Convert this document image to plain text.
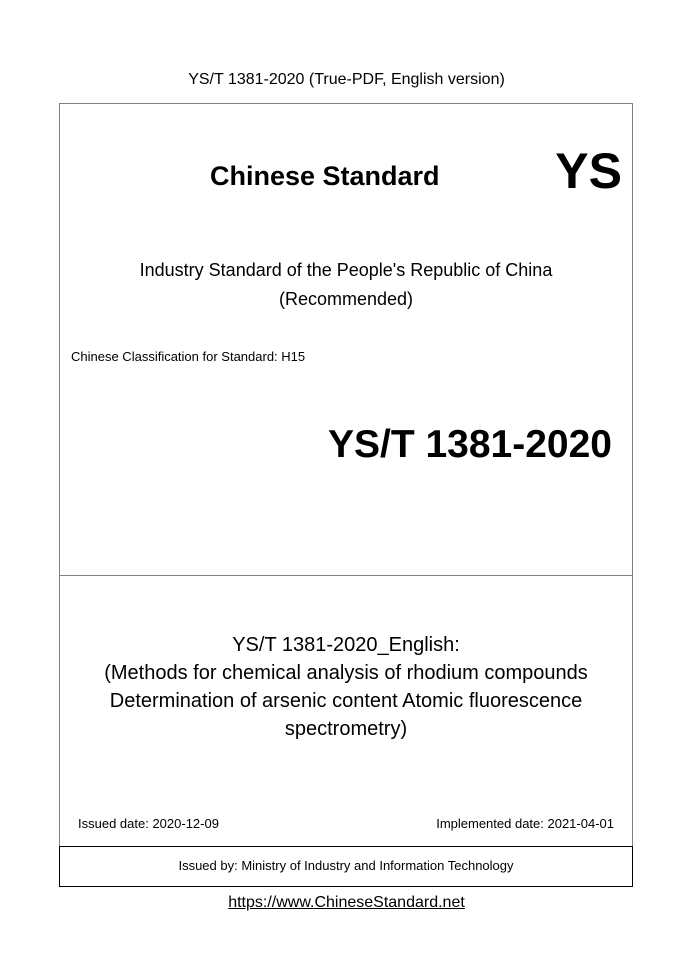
YS/T 1381-2020 (True-PDF, English version)
Chinese Standard YS
Industry Standard of the People's Republic of China
(Recommended)
Chinese Classification for Standard: H15
YS/T 1381-2020
YS/T 1381-2020_English:
(Methods for chemical analysis of rhodium compounds
Determination of arsenic content Atomic fluorescence
spectrometry)
Issued date: 2020-12-09	Implemented date: 2021-04-01
Issued by: Ministry of Industry and Information Technology
https://www.ChineseStandard.net
